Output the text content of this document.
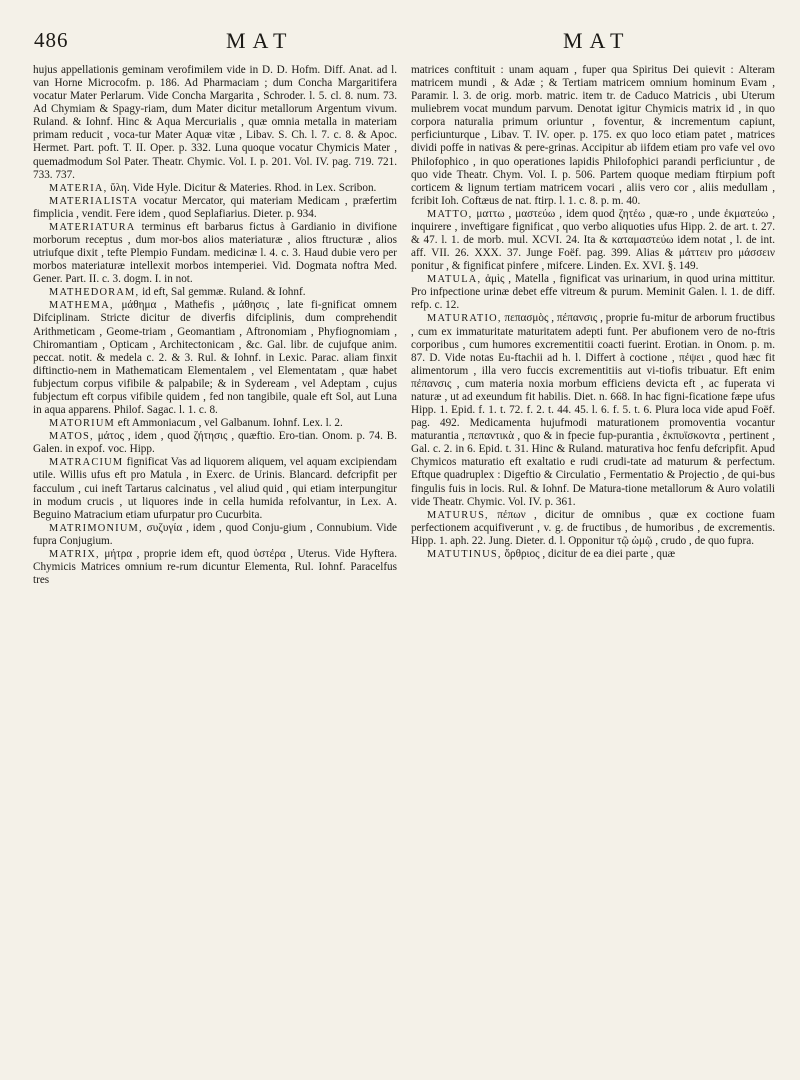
486	MAT	MAT

hujus appellationis geminam verofimilem vide in D. D. Hofm. Diff. Anat. ad l. van Horne Microcofm. p. 186. Ad Pharmaciam ; dum Concha Margaritifera vocatur Mater Perlarum. Vide Concha Margarita , Schroder. l. 5. cl. 8. num. 73. Ad Chymiam & Spagy-riam, dum Mater dicitur metallorum Argentum vivum. Ruland. & Iohnf. Hinc & Aqua Mercurialis , quæ omnia metalla in materiam primam reducit , voca-tur Mater Aquæ vitæ , Libav. S. Ch. l. 7. c. 8. & Apoc. Hermet. Part. poft. T. II. Oper. p. 332. Luna quoque vocatur Chymicis Mater , quemadmodum Sol Pater. Theatr. Chymic. Vol. I. p. 201. Vol. IV. pag. 719. 721. 733. 737.

MATERIA, ὕλη. Vide Hyle. Dicitur & Materies. Rhod. in Lex. Scribon.

MATERIALISTA vocatur Mercator, qui materiam Medicam , præfertim fimplicia , vendit. Fere idem , quod Seplafiarius. Dieter. p. 934.

MATERIATURA terminus eft barbarus fictus à Gardianio in divifione morborum receptus , dum mor-bos alios materiaturæ , alios ftructuræ , alios utriufque dixit , tefte Plempio Fundam. medicinæ l. 4. c. 3. Haud dubie vero per morbos materiaturæ intellexit morbos intemperiei. Vid. Dogmata noftra Med. Gener. Part. II. c. 3. dogm. I. in not.

MATHEDORAM, id eft, Sal gemmæ. Ruland. & Iohnf.

MATHEMA, μάθημα , Mathefis , μάθησις , late fi-gnificat omnem Difciplinam. Stricte dicitur de diverfis difciplinis, dum comprehendit Arithmeticam , Geome-triam , Geomantiam , Aftronomiam , Phyfiognomiam , Chiromantiam , Opticam , Architectonicam , &c. Gal. libr. de cujufque anim. peccat. notit. & medela c. 2. & 3. Rul. & Iohnf. in Lexic. Parac. aliam finxit diftinctio-nem in Mathematicam Elementalem , vel Elementatam , quæ habet fubjectum corpus vifibile & palpabile; & in Sydeream , vel Adeptam , cujus fubjectum eft corpus vifibile quidem , fed non tangibile, quale eft Sol, aut Luna in aqua apparens. Philof. Sagac. l. 1. c. 8.

MATORIUM eft Ammoniacum , vel Galbanum. Iohnf. Lex. l. 2.

MATOS, μάτος , idem , quod ζήτησις , quæftio. Ero-tian. Onom. p. 74. B. Galen. in expof. voc. Hipp.

MATRACIUM fignificat Vas ad liquorem aliquem, vel aquam excipiendam utile. Willis ufus eft pro Matula , in Exerc. de Urinis. Blancard. defcripfit per facculum , cui ineft Tartarus calcinatus , vel aliud quid , qui etiam interpungitur in modum crucis , ut liquores inde in cella humida refolvantur, in Lex. A. Beguino Matracium etiam ufurpatur pro Cucurbita.

MATRIMONIUM, συζυγία , idem , quod Conju-gium , Connubium. Vide fupra Conjugium.

MATRIX, μήτρα , proprie idem eft, quod ὑστέρα , Uterus. Vide Hyftera. Chymicis Matrices omnium re-rum dicuntur Elementa, Rul. Iohnf. Paracelfus tres

matrices conftituit : unam aquam , fuper qua Spiritus Dei quievit : Alteram matricem mundi , & Adæ ; & Tertiam matricem omnium hominum Evam , Paramir. l. 3. de orig. morb. matric. item tr. de Caduco Matricis , ubi Uterum muliebrem vocat mundum parvum. Denotat igitur Chymicis matrix id , in quo corpora naturalia primum oriuntur , foventur, & incrementum capiunt, perficiunturque , Libav. T. IV. oper. p. 175. ex quo loco etiam patet , matrices dividi poffe in nativas & pere-grinas. Accipitur ab iifdem etiam pro vafe vel ovo Philofophico , in quo operationes lapidis Philofophici parandi perficiuntur , de quo vide Theatr. Chym. Vol. I. p. 506. Partem quoque mediam ftirpium poft corticem & lignum tertiam matricem vocari , aliis vero cor , aliis medullam , fcribit Ioh. Coftæus de nat. ftirp. l. 1. c. 8. p. m. 40.

MATTO, ματτω , μαστεύω , idem quod ζητέω , quæ-ro , unde ἐκματεύω , inquirere , inveftigare fignificat , quo verbo aliquoties ufus Hipp. 2. de art. t. 27. & 47. l. 1. de morb. mul. XCVI. 24. Ita & καταμαστεύω idem notat , l. de int. aff. VII. 26. XXX. 37. Junge Foëf. pag. 399. Alias & μάττειν pro μάσσειν ponitur , & fignificat pinfere , mifcere. Linden. Ex. XVI. §. 149.

MATULA, ἀμὶς , Matella , fignificat vas urinarium, in quod urina mittitur. Pro infpectione urinæ debet effe vitreum & purum. Meminit Galen. l. 1. de diff. refp. c. 12.

MATURATIO, πεπασμὸς , πέπανσις , proprie fu-mitur de arborum fructibus , cum ex immaturitate maturitatem adepti funt. Per abufionem vero de no-ftris corporibus , cum humores excrementitii coacti fuerint. Erotian. in Onom. p. m. 87. D. Vide notas Eu-ftachii ad h. l. Differt à coctione , πέψει , quod hæc fit alimentorum , illa vero fuccis excrementitiis aut vi-tiofis tribuatur. Eft enim πέπανσις , cum materia noxia morbum efficiens devicta eft , ac fuperata vi naturæ , ut ad exeundum fit habilis. Diet. n. 668. In hac figni-ficatione fæpe ufus Hipp. 1. Epid. f. 1. t. 72. f. 2. t. 44. 45. l. 6. f. 5. t. 6. Plura loca vide apud Foëf. pag. 492. Medicamenta hujufmodi maturationem promoventia vocantur maturantia , πεπαντικὰ , quo & in fpecie fup-purantia , ἐκπυϊσκοντα , pertinent , Gal. c. 2. in 6. Epid. t. 31. Hinc & Ruland. maturativa hoc fenfu defcripfit. Apud Chymicos maturatio eft exaltatio e rudi crudi-tate ad maturum & perfectum. Eftque quadruplex : Digeftio & Circulatio , Fermentatio & Projectio , de qui-bus fingulis fuis in locis. Rul. & Iohnf. De Matura-tione metallorum & Auro volatili vide Theatr. Chymic. Vol. IV. p. 361.

MATURUS, πέπων , dicitur de omnibus , quæ ex coctione fuam perfectionem acquifiverunt , v. g. de fructibus , de humoribus , de excrementis. Hipp. 1. aph. 22. Jung. Dieter. d. l. Opponitur τῷ ὠμῷ , crudo , de quo fupra.

MATUTINUS, ὄρθριος , dicitur de ea diei parte , quæ
